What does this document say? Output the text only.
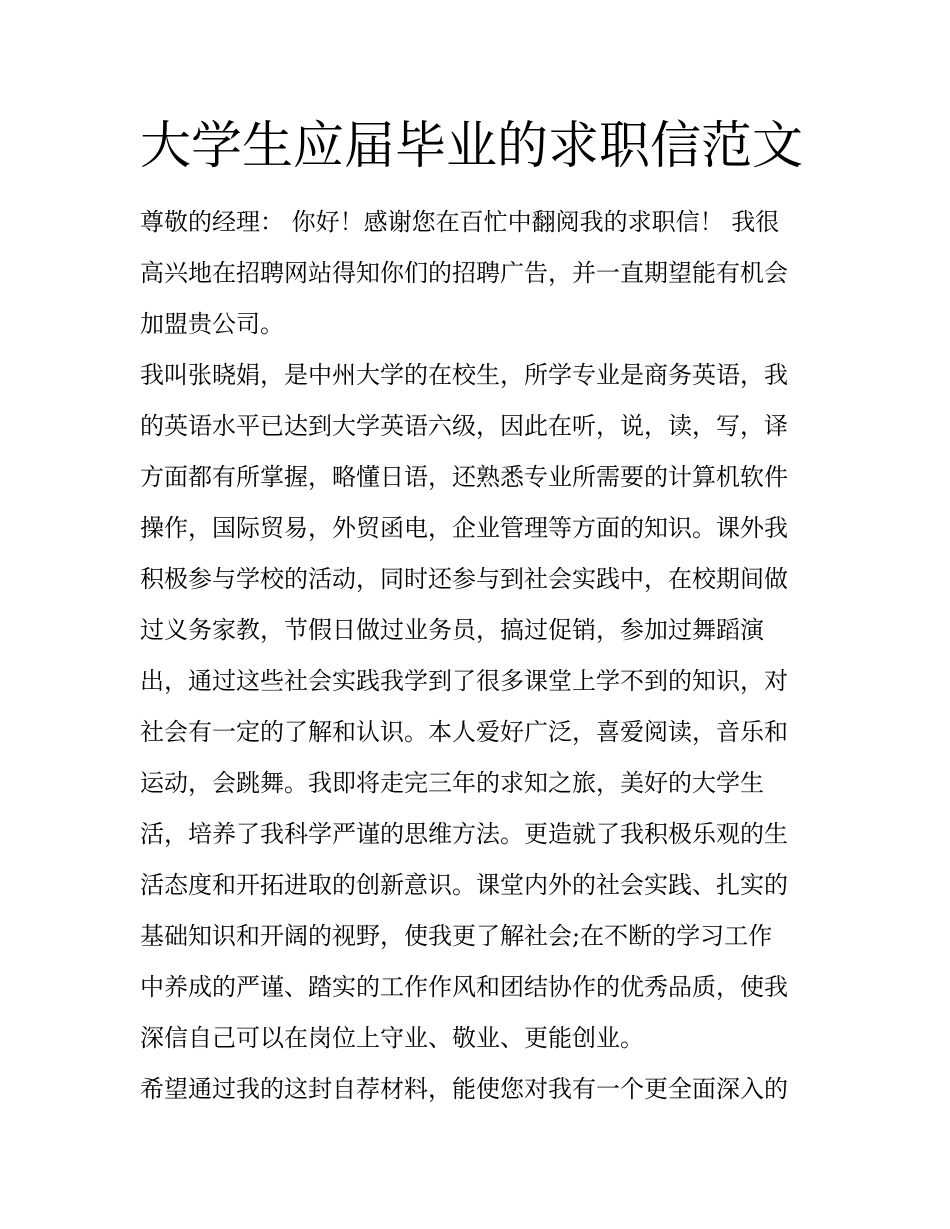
大学生应届毕业的求职信范文
尊敬的经理： 你好！感谢您在百忙中翻阅我的求职信！ 我很
高兴地在招聘网站得知你们的招聘广告，并一直期望能有机会
加盟贵公司。
我叫张晓娟，是中州大学的在校生，所学专业是商务英语，我
的英语水平已达到大学英语六级，因此在听，说，读，写，译
方面都有所掌握，略懂日语，还熟悉专业所需要的计算机软件
操作，国际贸易，外贸函电，企业管理等方面的知识。课外我
积极参与学校的活动，同时还参与到社会实践中，在校期间做
过义务家教，节假日做过业务员，搞过促销，参加过舞蹈演
出，通过这些社会实践我学到了很多课堂上学不到的知识，对
社会有一定的了解和认识。本人爱好广泛，喜爱阅读，音乐和
运动，会跳舞。我即将走完三年的求知之旅，美好的大学生
活，培养了我科学严谨的思维方法。更造就了我积极乐观的生
活态度和开拓进取的创新意识。课堂内外的社会实践、扎实的
基础知识和开阔的视野，使我更了解社会;在不断的学习工作
中养成的严谨、踏实的工作作风和团结协作的优秀品质，使我
深信自己可以在岗位上守业、敬业、更能创业。
希望通过我的这封自荐材料，能使您对我有一个更全面深入的
